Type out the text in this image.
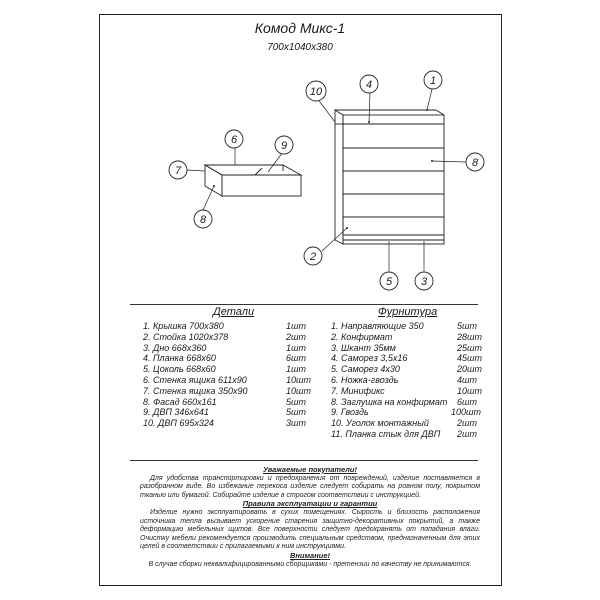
Комод Микс-1
700х1040х380
1
2
3
4
5
6
7
8
9
10
8
Детали	Фурнитура
1. Крышка 700х380	1шт
2. Стойка 1020х378	2шт
3. Дно 668х360	1шт
4. Планка 668х60	6шт
5. Цоколь 668х60	1шт
6. Стенка ящика 611х90	10шт
7. Стенка ящика 350х90	10шт
8. Фасад 660х161	5шт
9. ДВП 346х641	5шт
10. ДВП 695х324	3шт
1. Направляющие 350	5шт
2. Конфирмат	28шт
3. Шкант 35мм	25шт
4. Саморез 3,5х16	45шт
5. Саморез 4х30	20шт
6. Ножка-гвоздь	4шт
7. Минификс	10шт
8. Заглушка на конфирмат 6шт
9. Гвоздь	100шт
10. Уголок монтажный	2шт
11. Планка стык для ДВП 2шт
Уважаемые покупатели!

Для удобства транспортировки и предохранения от повреждений, изделие поставляется в разобранном виде. Во избежание перекоса изделие следует собирать на ровном полу, покрытом тканью или бумагой. Собирайте изделие в строгом соответствии с инструкцией.

Правила эксплуатации и гарантии

Изделие нужно эксплуатировать в сухих помещениях. Сырость и близость расположения источника тепла вызывает ускорение старения защитно-декоративных покрытий, а также деформацию мебельных щитов. Все поверхности следует предохранять от попадания влаги. Очистку мебели рекомендуется производить специальным средством, предназначенным для этих целей в соответствии с прилагаемыми к ним инструкциями.

Внимание!

В случае сборки неквалифицированными сборщиками - претензии по качеству не принимаются.
